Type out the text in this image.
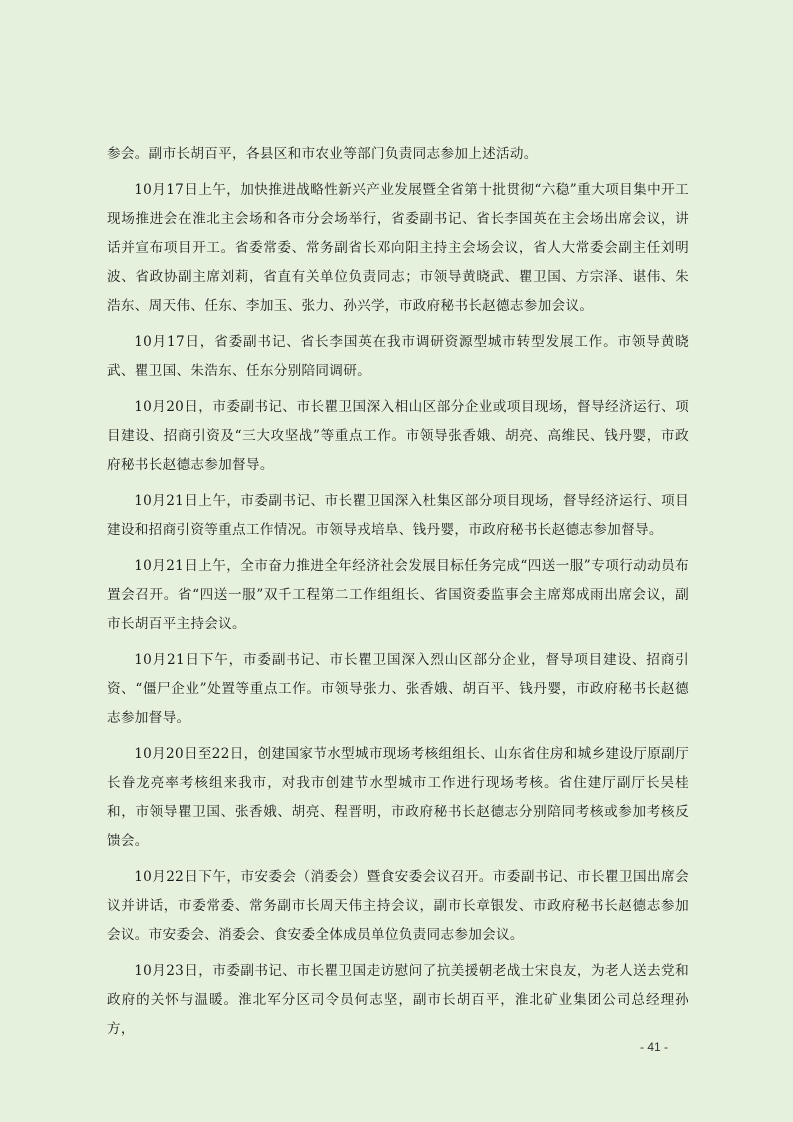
参会。副市长胡百平，各县区和市农业等部门负责同志参加上述活动。

10月17日上午，加快推进战略性新兴产业发展暨全省第十批贯彻“六稳”重大项目集中开工现场推进会在淮北主会场和各市分会场举行，省委副书记、省长李国英在主会场出席会议，讲话并宣布项目开工。省委常委、常务副省长邓向阳主持主会场会议，省人大常委会副主任刘明波、省政协副主席刘莉，省直有关单位负责同志；市领导黄晓武、瞿卫国、方宗泽、谌伟、朱浩东、周天伟、任东、李加玉、张力、孙兴学，市政府秘书长赵德志参加会议。

10月17日，省委副书记、省长李国英在我市调研资源型城市转型发展工作。市领导黄晓武、瞿卫国、朱浩东、任东分别陪同调研。

10月20日，市委副书记、市长瞿卫国深入相山区部分企业或项目现场，督导经济运行、项目建设、招商引资及“三大攻坚战”等重点工作。市领导张香娥、胡亮、高维民、钱丹婴，市政府秘书长赵德志参加督导。

10月21日上午，市委副书记、市长瞿卫国深入杜集区部分项目现场，督导经济运行、项目建设和招商引资等重点工作情况。市领导戎培阜、钱丹婴，市政府秘书长赵德志参加督导。

10月21日上午，全市奋力推进全年经济社会发展目标任务完成“四送一服”专项行动动员布置会召开。省“四送一服”双千工程第二工作组组长、省国资委监事会主席郑成雨出席会议，副市长胡百平主持会议。

10月21日下午，市委副书记、市长瞿卫国深入烈山区部分企业，督导项目建设、招商引资、“僵尸企业”处置等重点工作。市领导张力、张香娥、胡百平、钱丹婴，市政府秘书长赵德志参加督导。

10月20日至22日，创建国家节水型城市现场考核组组长、山东省住房和城乡建设厅原副厅长眷龙亮率考核组来我市，对我市创建节水型城市工作进行现场考核。省住建厅副厅长吴桂和，市领导瞿卫国、张香娥、胡亮、程晋明，市政府秘书长赵德志分别陪同考核或参加考核反馈会。

10月22日下午，市安委会（消委会）暨食安委会议召开。市委副书记、市长瞿卫国出席会议并讲话，市委常委、常务副市长周天伟主持会议，副市长章银发、市政府秘书长赵德志参加会议。市安委会、消委会、食安委全体成员单位负责同志参加会议。

10月23日，市委副书记、市长瞿卫国走访慰问了抗美援朝老战士宋良友，为老人送去党和政府的关怀与温暖。淮北军分区司令员何志坚，副市长胡百平，淮北矿业集团公司总经理孙方，

- 41 -
